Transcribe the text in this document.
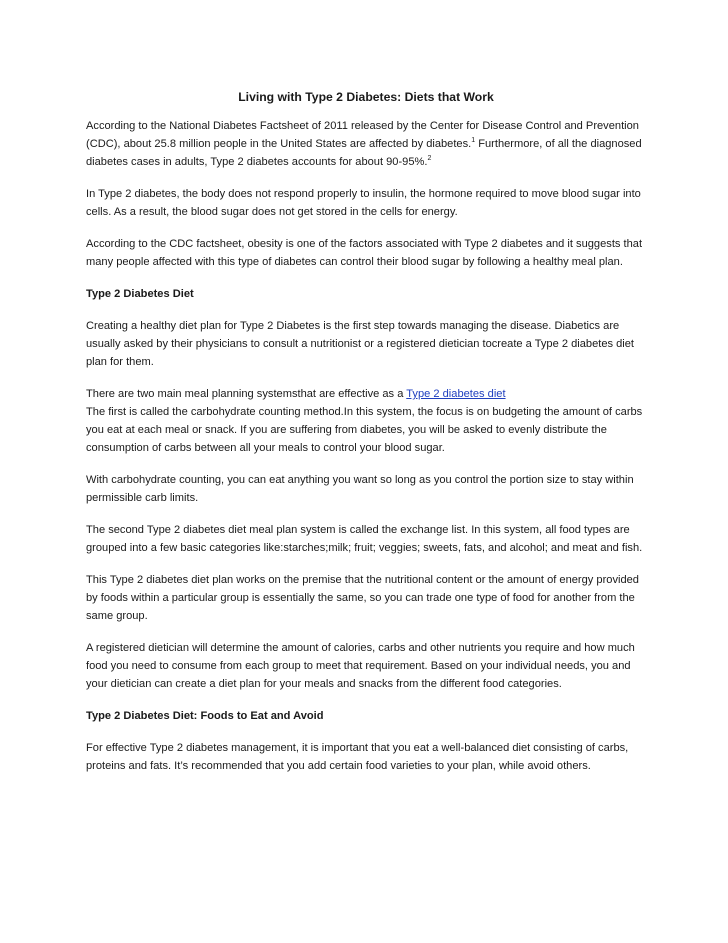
Living with Type 2 Diabetes: Diets that Work

According to the National Diabetes Factsheet of 2011 released by the Center for Disease Control and Prevention (CDC), about 25.8 million people in the United States are affected by diabetes.$^1$ Furthermore, of all the diagnosed diabetes cases in adults, Type 2 diabetes accounts for about 90-95%.$^2$

In Type 2 diabetes, the body does not respond properly to insulin, the hormone required to move blood sugar into cells. As a result, the blood sugar does not get stored in the cells for energy.

According to the CDC factsheet, obesity is one of the factors associated with Type 2 diabetes and it suggests that many people affected with this type of diabetes can control their blood sugar by following a healthy meal plan.

Type 2 Diabetes Diet

Creating a healthy diet plan for Type 2 Diabetes is the first step towards managing the disease. Diabetics are usually asked by their physicians to consult a nutritionist or a registered dietician tocreate a Type 2 diabetes diet plan for them.

There are two main meal planning systemsthat are effective as a Type 2 diabetes diet
The first is called the carbohydrate counting method.In this system, the focus is on budgeting the amount of carbs you eat at each meal or snack. If you are suffering from diabetes, you will be asked to evenly distribute the consumption of carbs between all your meals to control your blood sugar.

With carbohydrate counting, you can eat anything you want so long as you control the portion size to stay within permissible carb limits.

The second Type 2 diabetes diet meal plan system is called the exchange list. In this system, all food types are grouped into a few basic categories like:starches;milk; fruit; veggies; sweets, fats, and alcohol; and meat and fish.

This Type 2 diabetes diet plan works on the premise that the nutritional content or the amount of energy provided by foods within a particular group is essentially the same, so you can trade one type of food for another from the same group.

A registered dietician will determine the amount of calories, carbs and other nutrients you require and how much food you need to consume from each group to meet that requirement. Based on your individual needs, you and your dietician can create a diet plan for your meals and snacks from the different food categories.

Type 2 Diabetes Diet: Foods to Eat and Avoid

For effective Type 2 diabetes management, it is important that you eat a well-balanced diet consisting of carbs, proteins and fats. It’s recommended that you add certain food varieties to your plan, while avoid others.
